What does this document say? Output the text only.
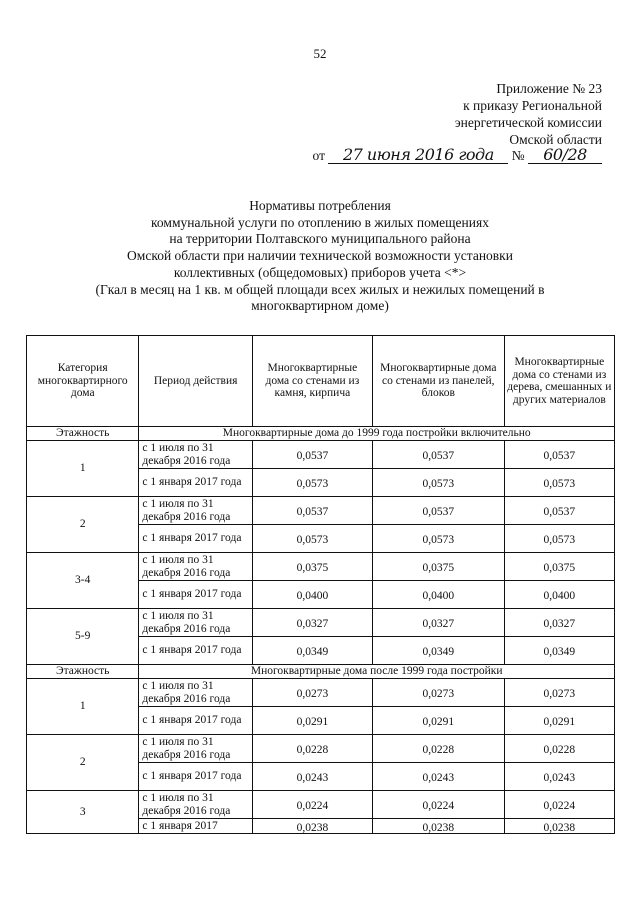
52
Приложение № 23
к приказу Региональной
энергетической комиссии
Омской области
от 27 июня 2016 года № 60/28
Нормативы потребления
коммунальной услуги по отоплению в жилых помещениях
на территории Полтавского муниципального района
Омской области при наличии технической возможности установки
коллективных (общедомовых) приборов учета <*>
(Гкал в месяц на 1 кв. м общей площади всех жилых и нежилых помещений в
многоквартирном доме)
Категория многоквартирного дома	Период действия	Многоквартирные дома со стенами из камня, кирпича	Многоквартирные дома со стенами из панелей, блоков	Многоквартирные дома со стенами из дерева, смешанных и других материалов
Этажность	Многоквартирные дома до 1999 года постройки включительно			
1	с 1 июля по 31 декабря 2016 года	0,0537	0,0537	0,0537
	с 1 января 2017 года	0,0573	0,0573	0,0573
2	с 1 июля по 31 декабря 2016 года	0,0537	0,0537	0,0537
	с 1 января 2017 года	0,0573	0,0573	0,0573
3-4	с 1 июля по 31 декабря 2016 года	0,0375	0,0375	0,0375
	с 1 января 2017 года	0,0400	0,0400	0,0400
5-9	с 1 июля по 31 декабря 2016 года	0,0327	0,0327	0,0327
	с 1 января 2017 года	0,0349	0,0349	0,0349
Этажность	Многоквартирные дома после 1999 года постройки			
1	с 1 июля по 31 декабря 2016 года	0,0273	0,0273	0,0273
	с 1 января 2017 года	0,0291	0,0291	0,0291
2	с 1 июля по 31 декабря 2016 года	0,0228	0,0228	0,0228
	с 1 января 2017 года	0,0243	0,0243	0,0243
3	с 1 июля по 31 декабря 2016 года	0,0224	0,0224	0,0224
	с 1 января 2017	0,0238	0,0238	0,0238
